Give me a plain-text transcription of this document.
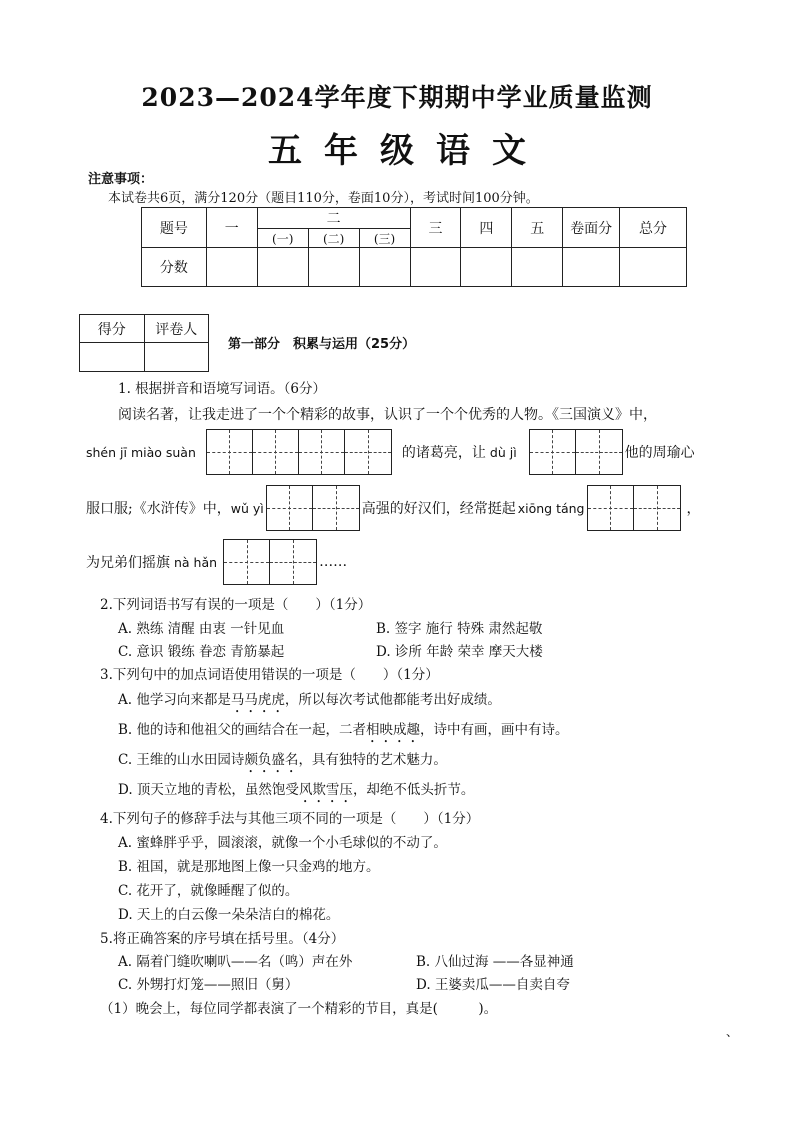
2023—2024学年度下期期中学业质量监测
五年级语文
注意事项：
本试卷共6页，满分120分（题目110分，卷面10分），考试时间100分钟。
题号	一	二			三	四	五	卷面分	总分
		(一)	(二)	(三)					
分数									
得分	评卷人

第一部分　积累与运用（25分）
1. 根据拼音和语境写词语。（6分）
阅读名著，让我走进了一个个精彩的故事，认识了一个个优秀的人物。《三国演义》中，
shén jī miào suàn	的诸葛亮，让 dù jì	他的周瑜心
服口服;《水浒传》中， wǔ yì	高强的好汉们，经常挺起 xiōng táng	，
为兄弟们摇旗 nà hǎn	……
2.下列词语书写有误的一项是（　　）（1分）
A. 熟练 清醒 由衷 一针见血	B. 签字 施行 特殊 肃然起敬
C. 意识 锻练 眷恋 青筋暴起	D. 诊所 年龄 荣幸 摩天大楼
3.下列句中的加点词语使用错误的一项是（　　）（1分）
A. 他学习向来都是马马虎虎，所以每次考试他都能考出好成绩。
B. 他的诗和他祖父的画结合在一起，二者相映成趣，诗中有画，画中有诗。
C. 王维的山水田园诗颇负盛名，具有独特的艺术魅力。
D. 顶天立地的青松，虽然饱受风欺雪压，却绝不低头折节。
4.下列句子的修辞手法与其他三项不同的一项是（　　）（1分）
A. 蜜蜂胖乎乎，圆滚滚，就像一个小毛球似的不动了。
B. 祖国，就是那地图上像一只金鸡的地方。
C. 花开了，就像睡醒了似的。
D. 天上的白云像一朵朵洁白的棉花。
5.将正确答案的序号填在括号里。（4分）
A. 隔着门缝吹喇叭——名（鸣）声在外	B. 八仙过海 ——各显神通
C. 外甥打灯笼——照旧（舅）	D. 王婆卖瓜——自卖自夸
（1）晚会上，每位同学都表演了一个精彩的节目，真是(　　　)。
、
